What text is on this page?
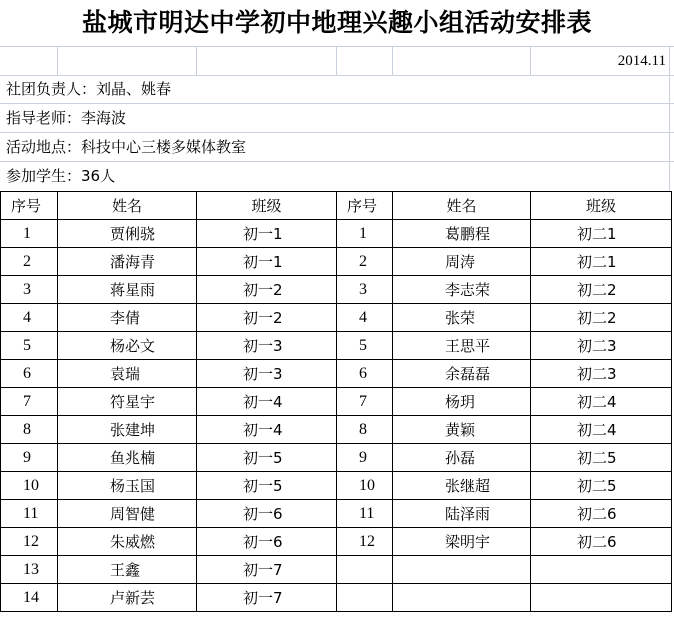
盐城市明达中学初中地理兴趣小组活动安排表
2014.11
社团负责人：刘晶、姚春
指导老师：李海波
活动地点：科技中心三楼多媒体教室
参加学生：36人
序号	姓名	班级	序号	姓名	班级
1	贾俐骁	初一1	1	葛鹏程	初二1
2	潘海青	初一1	2	周涛	初二1
3	蒋星雨	初一2	3	李志荣	初二2
4	李倩	初一2	4	张荣	初二2
5	杨必文	初一3	5	王思平	初二3
6	袁瑞	初一3	6	余磊磊	初二3
7	符星宇	初一4	7	杨玥	初二4
8	张建坤	初一4	8	黄颖	初二4
9	鱼兆楠	初一5	9	孙磊	初二5
10	杨玉国	初一5	10	张继超	初二5
11	周智健	初一6	11	陆泽雨	初二6
12	朱威燃	初一6	12	梁明宇	初二6
13	王鑫	初一7			
14	卢新芸	初一7			
